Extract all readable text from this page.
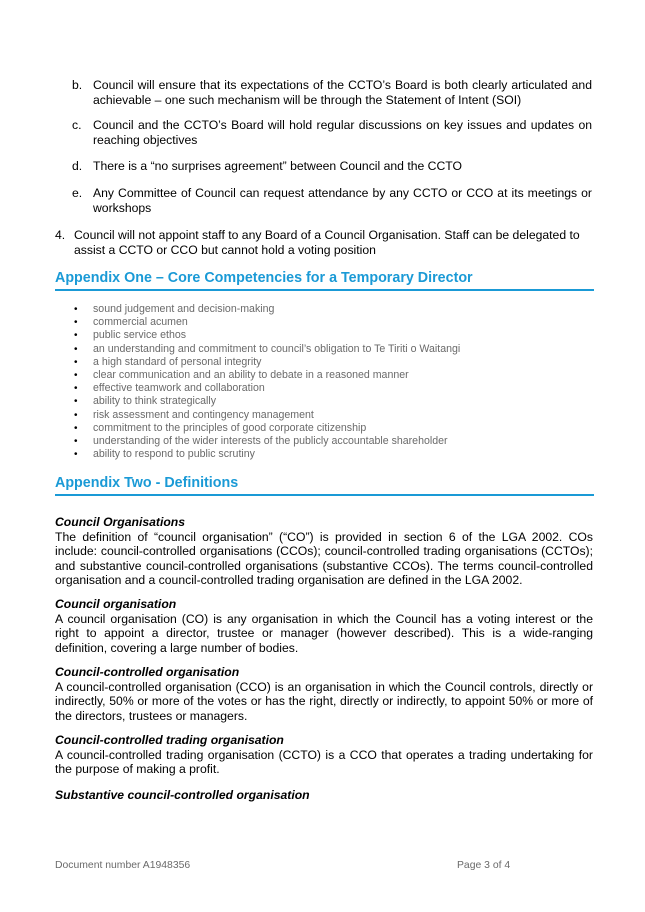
b. Council will ensure that its expectations of the CCTO’s Board is both clearly articulated and achievable – one such mechanism will be through the Statement of Intent (SOI)
c. Council and the CCTO’s Board will hold regular discussions on key issues and updates on reaching objectives
d. There is a “no surprises agreement” between Council and the CCTO
e. Any Committee of Council can request attendance by any CCTO or CCO at its meetings or workshops
4. Council will not appoint staff to any Board of a Council Organisation. Staff can be delegated to assist a CCTO or CCO but cannot hold a voting position
Appendix One – Core Competencies for a Temporary Director
•	sound judgement and decision-making
•	commercial acumen
•	public service ethos
•	an understanding and commitment to council’s obligation to Te Tiriti o Waitangi
•	a high standard of personal integrity
•	clear communication and an ability to debate in a reasoned manner
•	effective teamwork and collaboration
•	ability to think strategically
•	risk assessment and contingency management
•	commitment to the principles of good corporate citizenship
•	understanding of the wider interests of the publicly accountable shareholder
•	ability to respond to public scrutiny
Appendix Two - Definitions
Council Organisations
The definition of “council organisation” (“CO”) is provided in section 6 of the LGA 2002. COs include: council-controlled organisations (CCOs); council-controlled trading organisations (CCTOs); and substantive council-controlled organisations (substantive CCOs). The terms council-controlled organisation and a council-controlled trading organisation are defined in the LGA 2002.
Council organisation
A council organisation (CO) is any organisation in which the Council has a voting interest or the right to appoint a director, trustee or manager (however described). This is a wide-ranging definition, covering a large number of bodies.
Council-controlled organisation
A council-controlled organisation (CCO) is an organisation in which the Council controls, directly or indirectly, 50% or more of the votes or has the right, directly or indirectly, to appoint 50% or more of the directors, trustees or managers.
Council-controlled trading organisation
A council-controlled trading organisation (CCTO) is a CCO that operates a trading undertaking for the purpose of making a profit.
Substantive council-controlled organisation
Document number A1948356	Page 3 of 4
